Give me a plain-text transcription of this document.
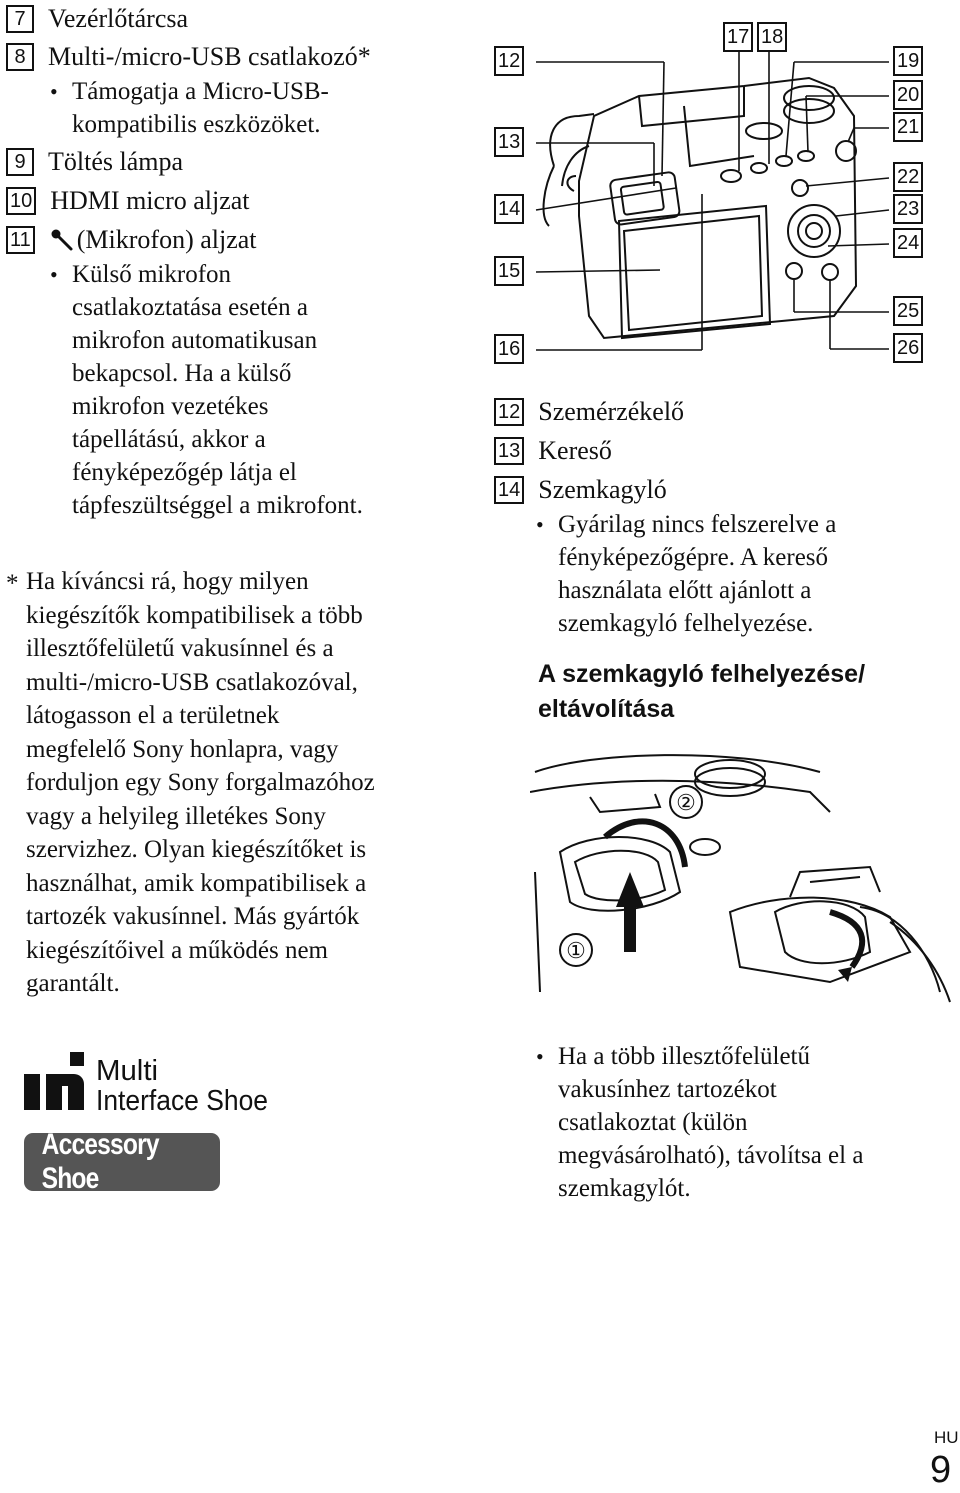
7 Vezérlőtárcsa
8 Multi-/micro-USB csatlakozó*
• Támogatja a Micro-USB-
kompatibilis eszközöket.
9 Töltés lámpa
10 HDMI micro aljzat
11 (Mikrofon) aljzat
• Külső mikrofon
csatlakoztatása esetén a
mikrofon automatikusan
bekapcsol. Ha a külső
mikrofon vezetékes
tápellátású, akkor a
fényképezőgép látja el
tápfeszültséggel a mikrofont.
* Ha kíváncsi rá, hogy milyen
kiegészítők kompatibilisek a több
illesztőfelületű vakusínnel és a
multi-/micro-USB csatlakozóval,
látogasson el a területnek
megfelelő Sony honlapra, vagy
forduljon egy Sony forgalmazóhoz
vagy a helyileg illetékes Sony
szervizhez. Olyan kiegészítőket is
használhat, amik kompatibilisek a
tartozék vakusínnel. Más gyártók
kiegészítőivel a működés nem
garantált.
Multi
Interface Shoe
Accessory Shoe
12
13
14
15
16
17 18
19
20
21
22
23
24
25
26
12 Szemérzékelő
13 Kereső
14 Szemkagyló
• Gyárilag nincs felszerelve a
fényképezőgépre. A kereső
használata előtt ajánlott a
szemkagyló felhelyezése.
A szemkagyló felhelyezése/
eltávolítása
②
①
• Ha a több illesztőfelületű
vakusínhez tartozékot
csatlakoztat (külön
megvásárolható), távolítsa el a
szemkagylót.
HU
9
